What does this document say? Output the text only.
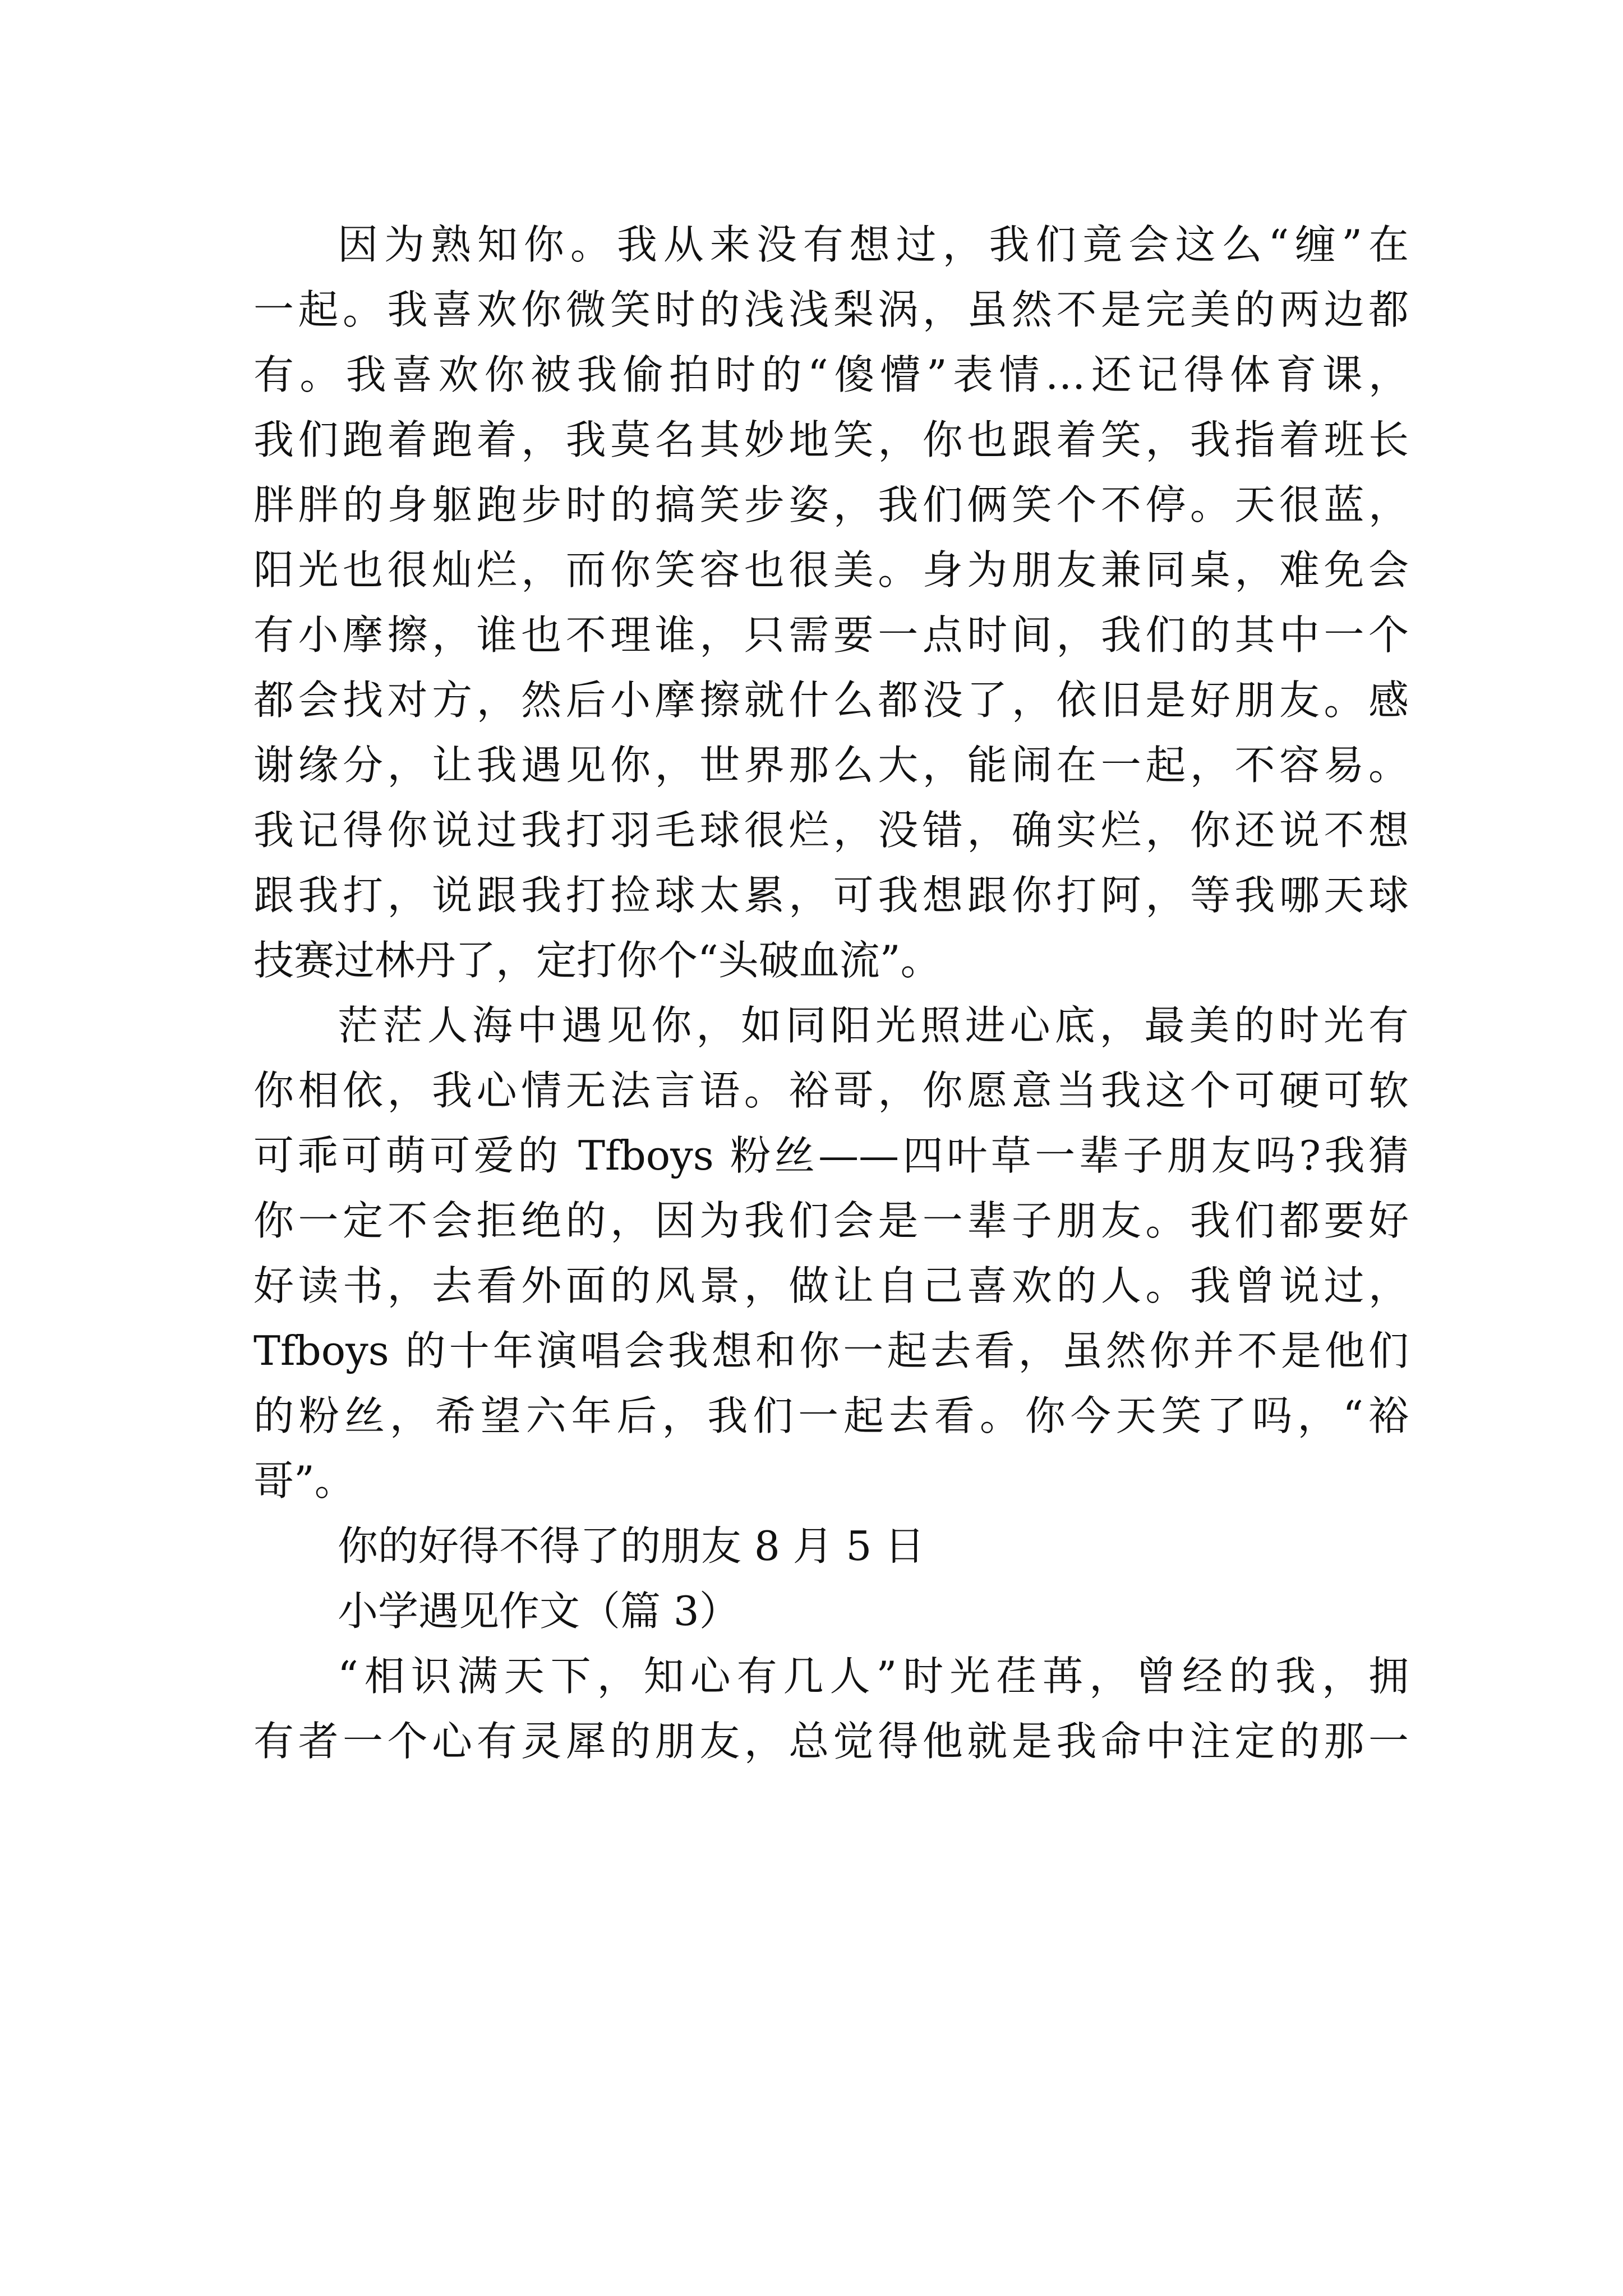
因为熟知你。我从来没有想过，我们竟会这么“缠”在
一起。我喜欢你微笑时的浅浅梨涡，虽然不是完美的两边都
有。我喜欢你被我偷拍时的“傻懵”表情…还记得体育课，
我们跑着跑着，我莫名其妙地笑，你也跟着笑，我指着班长
胖胖的身躯跑步时的搞笑步姿，我们俩笑个不停。天很蓝，
阳光也很灿烂，而你笑容也很美。身为朋友兼同桌，难免会
有小摩擦，谁也不理谁，只需要一点时间，我们的其中一个
都会找对方，然后小摩擦就什么都没了，依旧是好朋友。感
谢缘分，让我遇见你，世界那么大，能闹在一起，不容易。
我记得你说过我打羽毛球很烂，没错，确实烂，你还说不想
跟我打，说跟我打捡球太累，可我想跟你打阿，等我哪天球
技赛过林丹了，定打你个“头破血流”。
茫茫人海中遇见你，如同阳光照进心底，最美的时光有
你相依，我心情无法言语。裕哥，你愿意当我这个可硬可软
可乖可萌可爱的 Tfboys 粉丝——四叶草一辈子朋友吗?我猜
你一定不会拒绝的，因为我们会是一辈子朋友。我们都要好
好读书，去看外面的风景，做让自己喜欢的人。我曾说过，
Tfboys 的十年演唱会我想和你一起去看，虽然你并不是他们
的粉丝，希望六年后，我们一起去看。你今天笑了吗，“裕
哥”。
你的好得不得了的朋友 8 月 5 日
小学遇见作文（篇 3）
“相识满天下，知心有几人”时光荏苒，曾经的我，拥
有者一个心有灵犀的朋友，总觉得他就是我命中注定的那一
